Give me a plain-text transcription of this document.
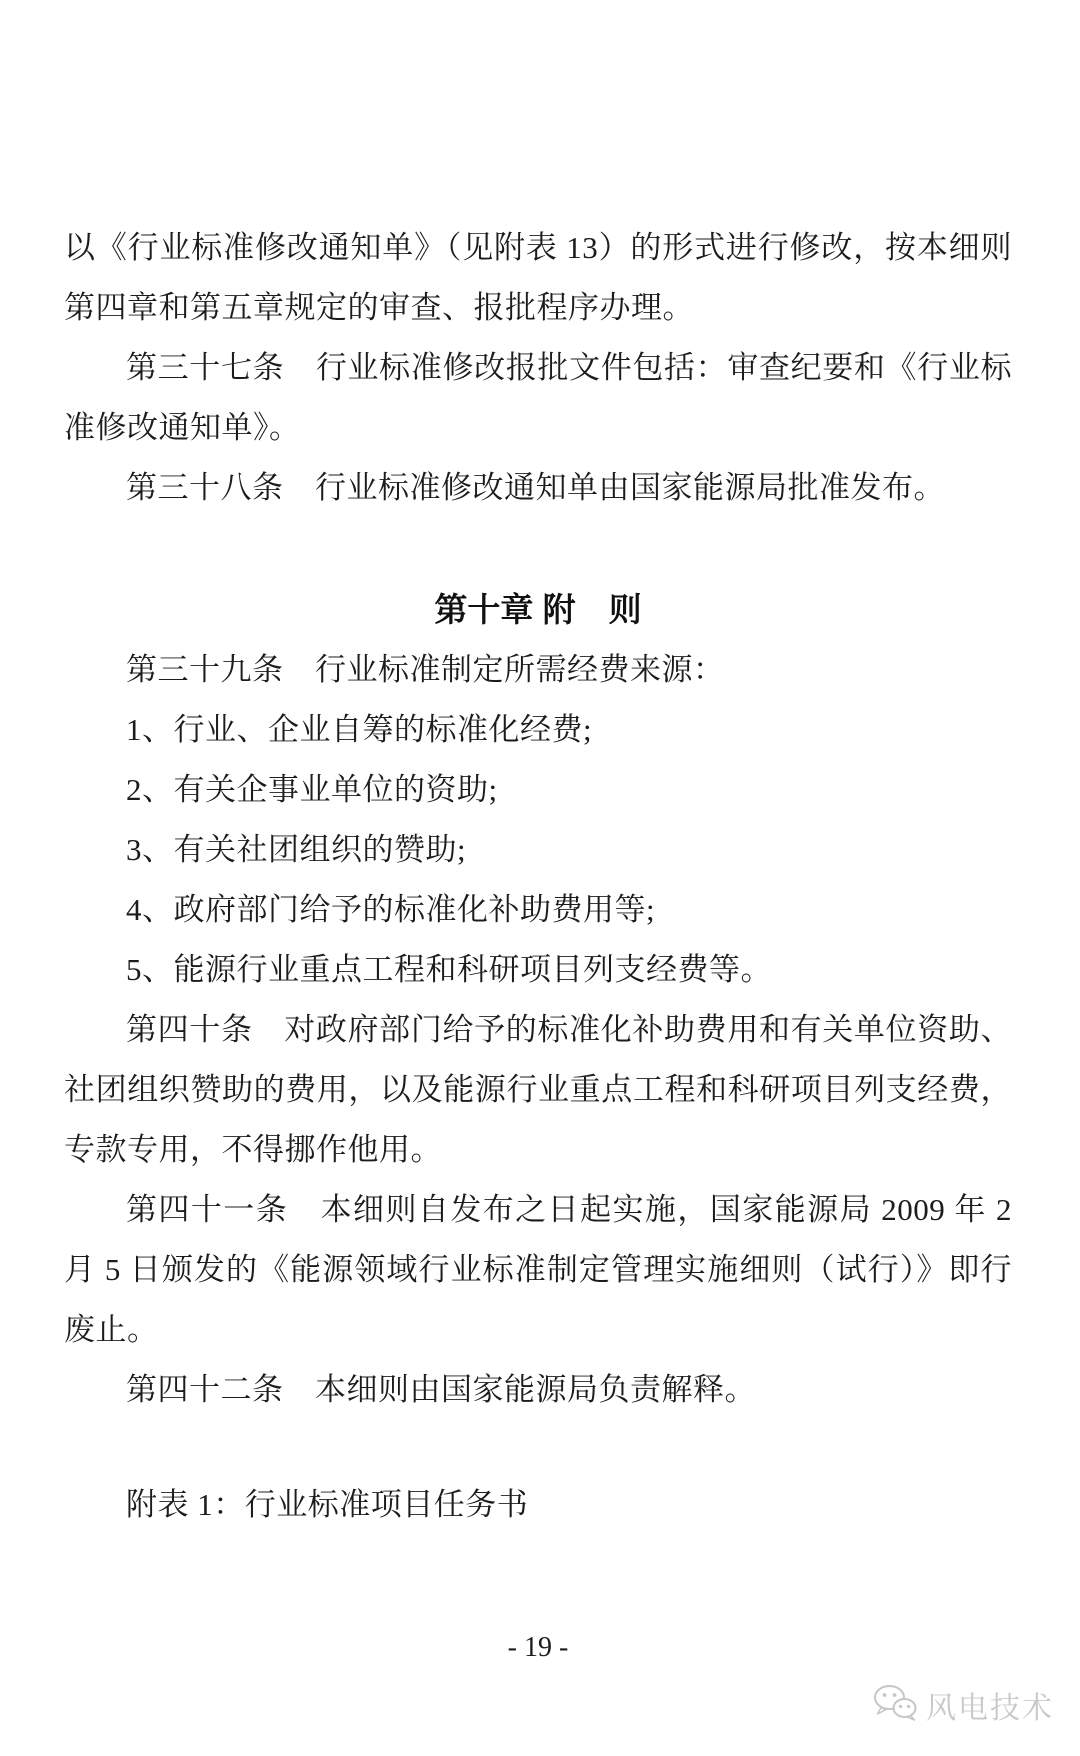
以《行业标准修改通知单》（见附表 13）的形式进行修改，按本细则
第四章和第五章规定的审查、报批程序办理。
第三十七条　行业标准修改报批文件包括：审查纪要和《行业标
准修改通知单》。
第三十八条　行业标准修改通知单由国家能源局批准发布。
第十章 附　则
第三十九条　行业标准制定所需经费来源：
1、行业、企业自筹的标准化经费;
2、有关企事业单位的资助;
3、有关社团组织的赞助;
4、政府部门给予的标准化补助费用等;
5、能源行业重点工程和科研项目列支经费等。
第四十条　对政府部门给予的标准化补助费用和有关单位资助、
社团组织赞助的费用，以及能源行业重点工程和科研项目列支经费，
专款专用，不得挪作他用。
第四十一条　本细则自发布之日起实施，国家能源局 2009 年 2
月 5 日颁发的《能源领域行业标准制定管理实施细则（试行）》即行
废止。
第四十二条　本细则由国家能源局负责解释。
附表 1：行业标准项目任务书
- 19 -
风电技术
